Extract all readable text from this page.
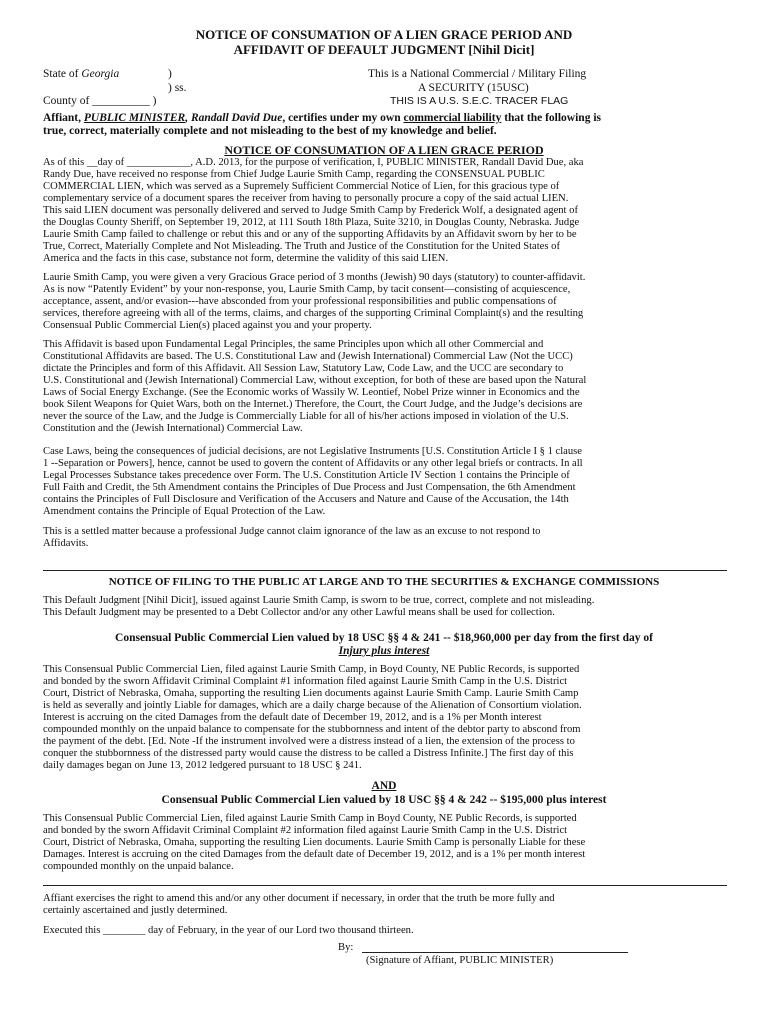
NOTICE OF CONSUMATION OF A LIEN GRACE PERIOD AND
AFFIDAVIT OF DEFAULT JUDGMENT [Nihil Dicit]
State of Georgia	)
) ss.
County of __________ )
This is a National Commercial / Military Filing
A SECURITY (15USC)
THIS IS A U.S. S.E.C. TRACER FLAG
Affiant, PUBLIC MINISTER, Randall David Due, certifies under my own commercial liability that the following is
true, correct, materially complete and not misleading to the best of my knowledge and belief.
NOTICE OF CONSUMATION OF A LIEN GRACE PERIOD
As of this __day of ____________, A.D. 2013, for the purpose of verification, I, PUBLIC MINISTER, Randall David Due, aka
Randy Due, have received no response from Chief Judge Laurie Smith Camp, regarding the CONSENSUAL PUBLIC
COMMERCIAL LIEN, which was served as a Supremely Sufficient Commercial Notice of Lien, for this gracious type of
complementary service of a document spares the receiver from having to personally procure a copy of the said actual LIEN.
This said LIEN document was personally delivered and served to Judge Smith Camp by Frederick Wolf, a designated agent of
the Douglas County Sheriff, on September 19, 2012, at 111 South 18th Plaza, Suite 3210, in Douglas County, Nebraska. Judge
Laurie Smith Camp failed to challenge or rebut this and or any of the supporting Affidavits by an Affidavit sworn by her to be
True, Correct, Materially Complete and Not Misleading. The Truth and Justice of the Constitution for the United States of
America and the facts in this case, substance not form, determine the validity of this said LIEN.
Laurie Smith Camp, you were given a very Gracious Grace period of 3 months (Jewish) 90 days (statutory) to counter-affidavit.
As is now “Patently Evident” by your non-response, you, Laurie Smith Camp, by tacit consent—consisting of acquiescence,
acceptance, assent, and/or evasion---have absconded from your professional responsibilities and public compensations of
services, therefore agreeing with all of the terms, claims, and charges of the supporting Criminal Complaint(s) and the resulting
Consensual Public Commercial Lien(s) placed against you and your property.
This Affidavit is based upon Fundamental Legal Principles, the same Principles upon which all other Commercial and
Constitutional Affidavits are based. The U.S. Constitutional Law and (Jewish International) Commercial Law (Not the UCC)
dictate the Principles and form of this Affidavit. All Session Law, Statutory Law, Code Law, and the UCC are secondary to
U.S. Constitutional and (Jewish International) Commercial Law, without exception, for both of these are based upon the Natural
Laws of Social Energy Exchange. (See the Economic works of Wassily W. Leontief, Nobel Prize winner in Economics and the
book Silent Weapons for Quiet Wars, both on the Internet.) Therefore, the Court, the Court Judge, and the Judge’s decisions are
never the source of the Law, and the Judge is Commercially Liable for all of his/her actions imposed in violation of the U.S.
Constitution and the (Jewish International) Commercial Law.
Case Laws, being the consequences of judicial decisions, are not Legislative Instruments [U.S. Constitution Article I § 1 clause
1 --Separation or Powers], hence, cannot be used to govern the content of Affidavits or any other legal briefs or contracts. In all
Legal Processes Substance takes precedence over Form. The U.S. Constitution Article IV Section 1 contains the Principle of
Full Faith and Credit, the 5th Amendment contains the Principles of Due Process and Just Compensation, the 6th Amendment
contains the Principles of Full Disclosure and Verification of the Accusers and Nature and Cause of the Accusation, the 14th
Amendment contains the Principle of Equal Protection of the Law.
This is a settled matter because a professional Judge cannot claim ignorance of the law as an excuse to not respond to
Affidavits.
NOTICE OF FILING TO THE PUBLIC AT LARGE AND TO THE SECURITIES & EXCHANGE COMMISSIONS
This Default Judgment [Nihil Dicit], issued against Laurie Smith Camp, is sworn to be true, correct, complete and not misleading.
This Default Judgment may be presented to a Debt Collector and/or any other Lawful means shall be used for collection.
Consensual Public Commercial Lien valued by 18 USC §§ 4 & 241 -- $18,960,000 per day from the first day of
Injury plus interest
This Consensual Public Commercial Lien, filed against Laurie Smith Camp, in Boyd County, NE Public Records, is supported
and bonded by the sworn Affidavit Criminal Complaint #1 information filed against Laurie Smith Camp in the U.S. District
Court, District of Nebraska, Omaha, supporting the resulting Lien documents against Laurie Smith Camp. Laurie Smith Camp
is held as severally and jointly Liable for damages, which are a daily charge because of the Alienation of Consortium violation.
Interest is accruing on the cited Damages from the default date of December 19, 2012, and is a 1% per Month interest
compounded monthly on the unpaid balance to compensate for the stubbornness and intent of the debtor party to abscond from
the payment of the debt. [Ed. Note -If the instrument involved were a distress instead of a lien, the extension of the process to
conquer the stubbornness of the distressed party would cause the distress to be called a Distress Infinite.] The first day of this
daily damages began on June 13, 2012 ledgered pursuant to 18 USC § 241.
AND
Consensual Public Commercial Lien valued by 18 USC §§ 4 & 242 -- $195,000 plus interest
This Consensual Public Commercial Lien, filed against Laurie Smith Camp in Boyd County, NE Public Records, is supported
and bonded by the sworn Affidavit Criminal Complaint #2 information filed against Laurie Smith Camp in the U.S. District
Court, District of Nebraska, Omaha, supporting the resulting Lien documents. Laurie Smith Camp is personally Liable for these
Damages. Interest is accruing on the cited Damages from the default date of December 19, 2012, and is a 1% per month interest
compounded monthly on the unpaid balance.
Affiant exercises the right to amend this and/or any other document if necessary, in order that the truth be more fully and
certainly ascertained and justly determined.
Executed this ________ day of February, in the year of our Lord two thousand thirteen.
By:
(Signature of Affiant, PUBLIC MINISTER)
